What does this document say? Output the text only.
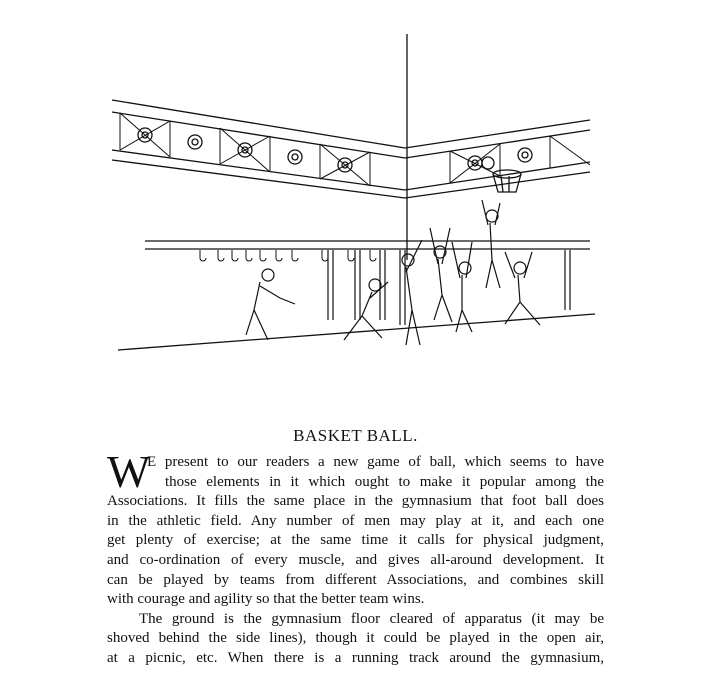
BASKET BALL.
W
E present to our readers a new game of ball, which seems to have
those elements in it which ought to make it popular among the
Associations. It fills the same place in the gymnasium that foot ball does
in the athletic field. Any number of men may play at it, and each one
get plenty of exercise; at the same time it calls for physical judgment,
and co-ordination of every muscle, and gives all-around development. It
can be played by teams from different Associations, and combines skill
with courage and agility so that the better team wins.
The ground is the gymnasium floor cleared of apparatus (it may be
shoved behind the side lines), though it could be played in the open air,
at a picnic, etc. When there is a running track around the gymnasium,
